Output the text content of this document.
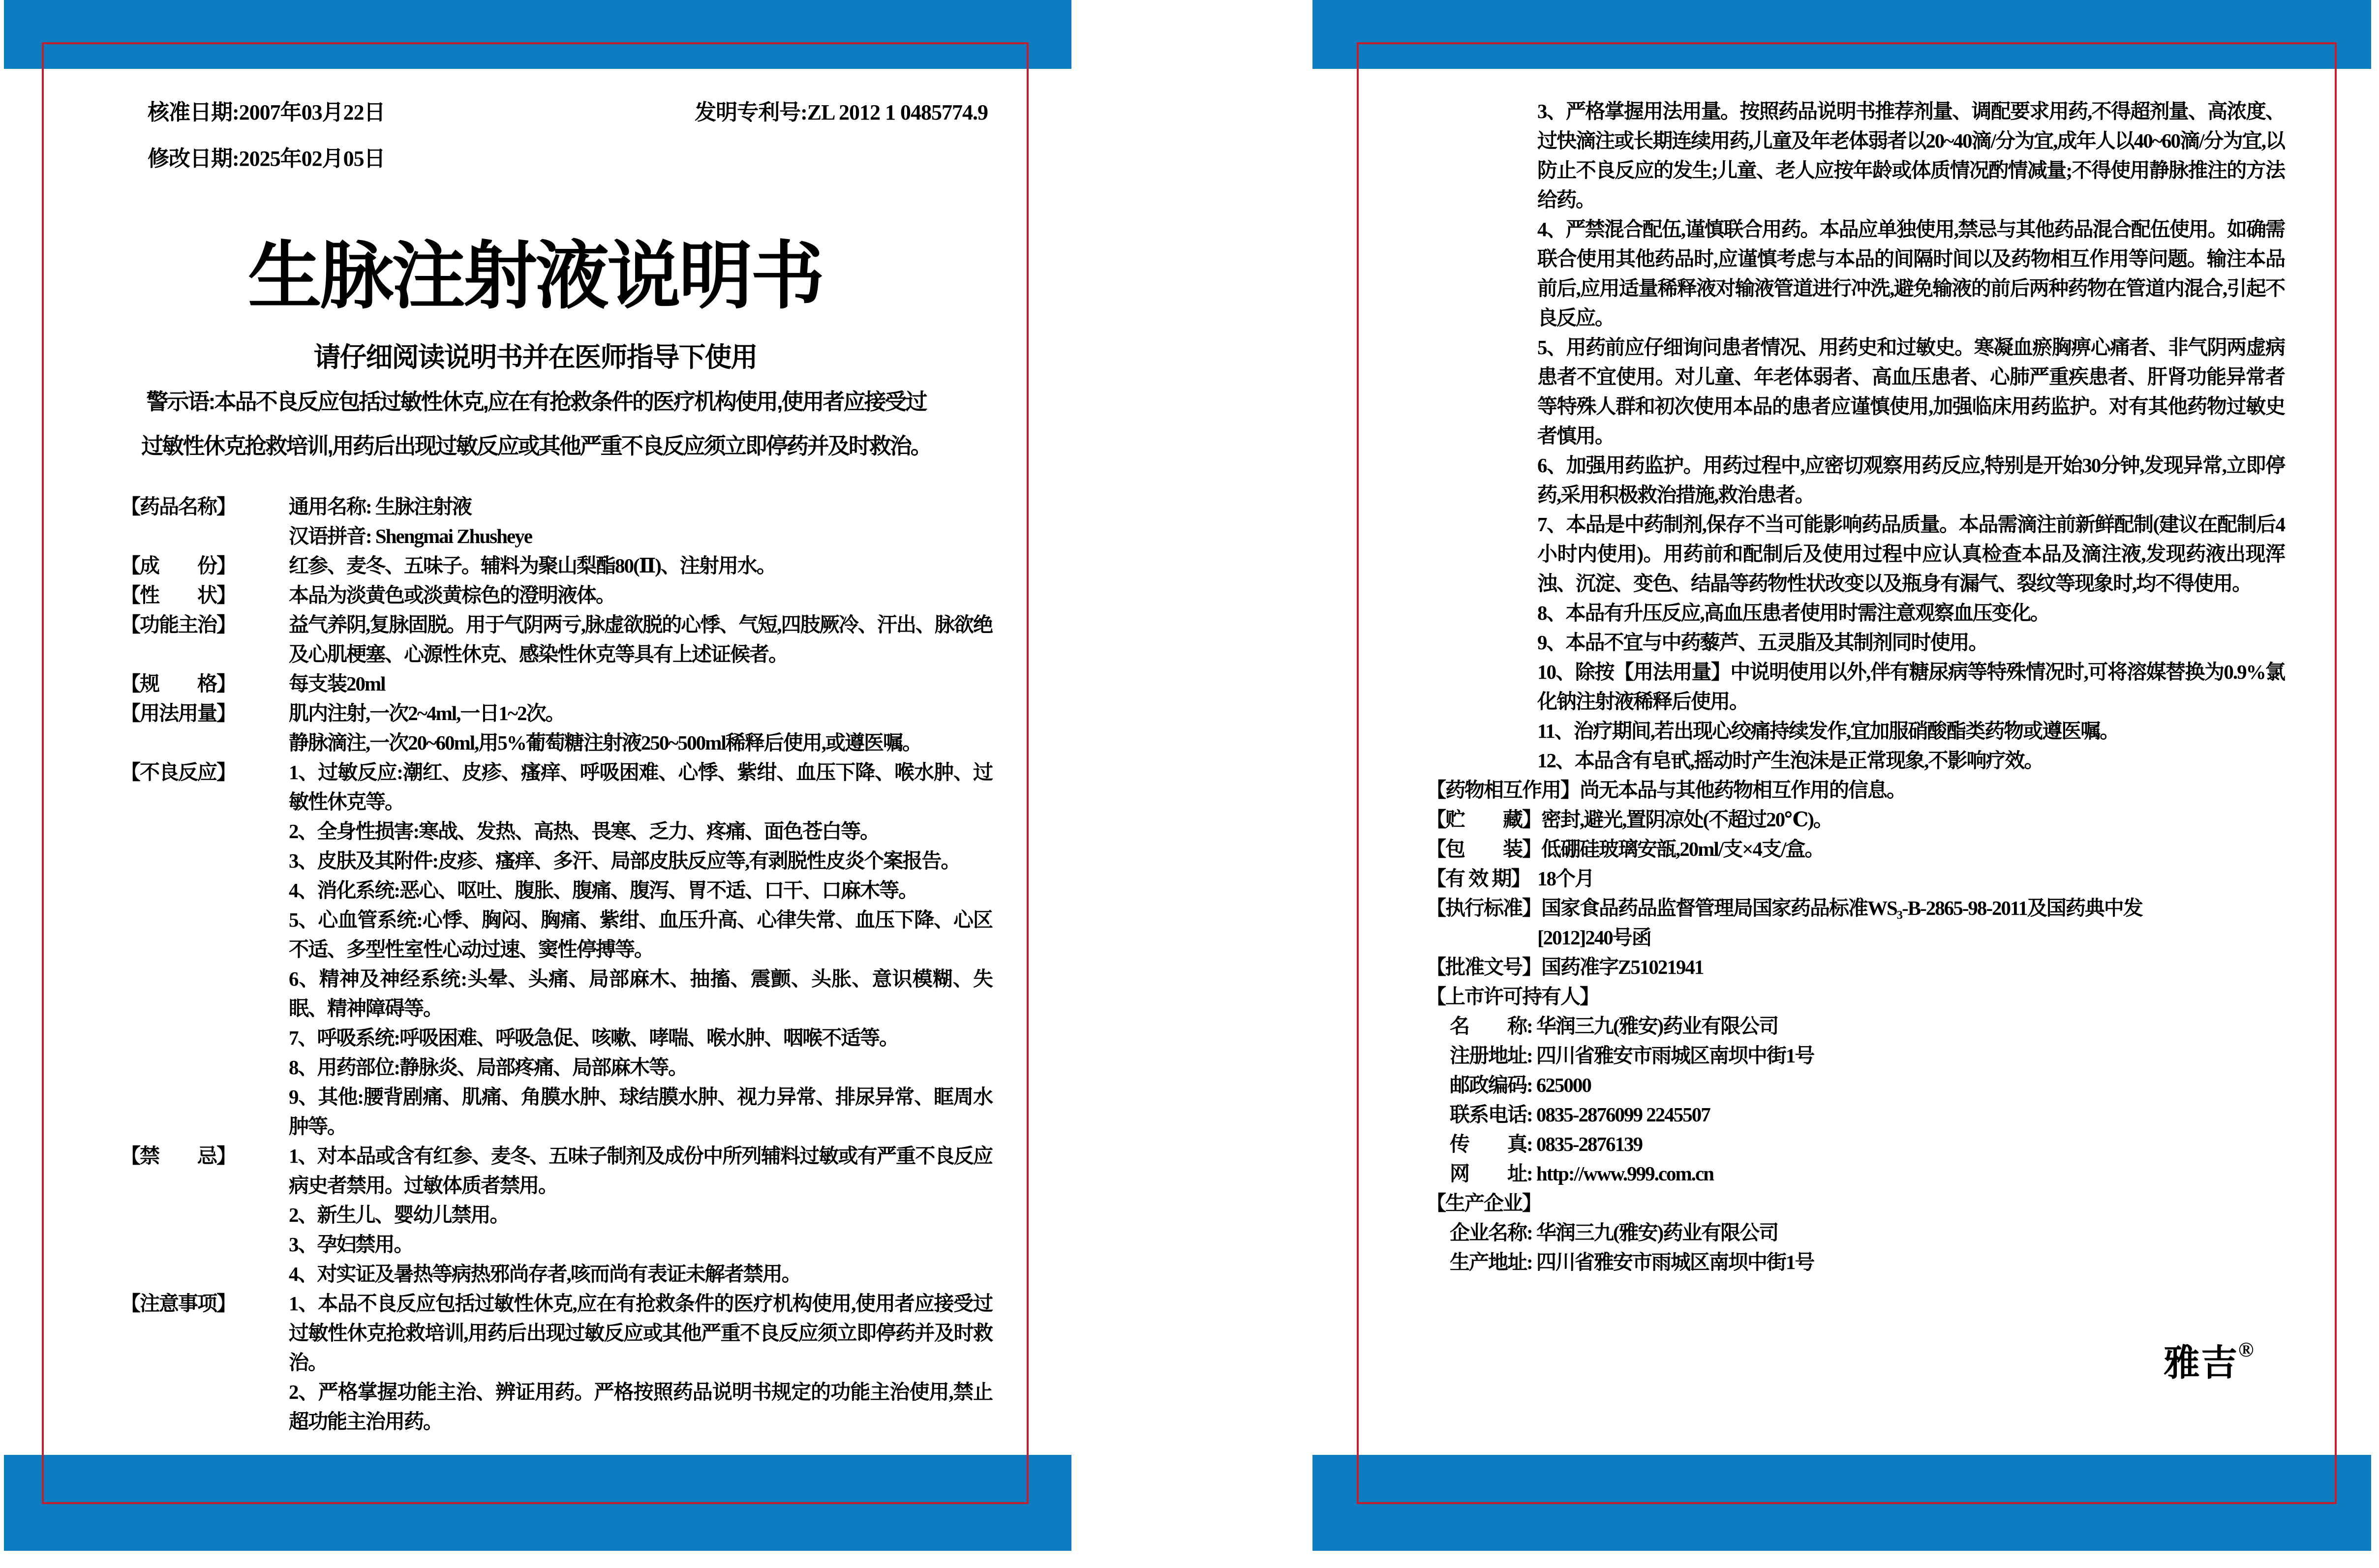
核准日期:2007年03月22日
修改日期:2025年02月05日
发明专利号:ZL 2012 1 0485774.9
生脉注射液说明书
请仔细阅读说明书并在医师指导下使用
警示语:本品不良反应包括过敏性休克,应在有抢救条件的医疗机构使用,使用者应接受过
过敏性休克抢救培训,用药后出现过敏反应或其他严重不良反应须立即停药并及时救治。
【药品名称】	通用名称: 生脉注射液
汉语拼音: Shengmai Zhusheye
【成　　份】	红参、麦冬、五味子。辅料为聚山梨酯80(Ⅱ)、注射用水。
【性　　状】	本品为淡黄色或淡黄棕色的澄明液体。
【功能主治】	益气养阴,复脉固脱。用于气阴两亏,脉虚欲脱的心悸、气短,四肢厥冷、汗出、脉欲绝及心肌梗塞、心源性休克、感染性休克等具有上述证候者。
【规　　格】	每支装20ml
【用法用量】	肌内注射,一次2~4ml,一日1~2次。
静脉滴注,一次20~60ml,用5%葡萄糖注射液250~500ml稀释后使用,或遵医嘱。
【不良反应】	1、过敏反应:潮红、皮疹、瘙痒、呼吸困难、心悸、紫绀、血压下降、喉水肿、过敏性休克等。
2、全身性损害:寒战、发热、高热、畏寒、乏力、疼痛、面色苍白等。
3、皮肤及其附件:皮疹、瘙痒、多汗、局部皮肤反应等,有剥脱性皮炎个案报告。
4、消化系统:恶心、呕吐、腹胀、腹痛、腹泻、胃不适、口干、口麻木等。
5、心血管系统:心悸、胸闷、胸痛、紫绀、血压升高、心律失常、血压下降、心区不适、多型性室性心动过速、窦性停搏等。
6、精神及神经系统:头晕、头痛、局部麻木、抽搐、震颤、头胀、意识模糊、失眠、精神障碍等。
7、呼吸系统:呼吸困难、呼吸急促、咳嗽、哮喘、喉水肿、咽喉不适等。
8、用药部位:静脉炎、局部疼痛、局部麻木等。
9、其他:腰背剧痛、肌痛、角膜水肿、球结膜水肿、视力异常、排尿异常、眶周水肿等。
【禁　　忌】	1、对本品或含有红参、麦冬、五味子制剂及成份中所列辅料过敏或有严重不良反应病史者禁用。过敏体质者禁用。
2、新生儿、婴幼儿禁用。
3、孕妇禁用。
4、对实证及暑热等病热邪尚存者,咳而尚有表证未解者禁用。
【注意事项】	1、本品不良反应包括过敏性休克,应在有抢救条件的医疗机构使用,使用者应接受过过敏性休克抢救培训,用药后出现过敏反应或其他严重不良反应须立即停药并及时救治。
2、严格掌握功能主治、辨证用药。严格按照药品说明书规定的功能主治使用,禁止超功能主治用药。
3、严格掌握用法用量。按照药品说明书推荐剂量、调配要求用药,不得超剂量、高浓度、过快滴注或长期连续用药,儿童及年老体弱者以20~40滴/分为宜,成年人以40~60滴/分为宜,以防止不良反应的发生;儿童、老人应按年龄或体质情况酌情减量;不得使用静脉推注的方法给药。
4、严禁混合配伍,谨慎联合用药。本品应单独使用,禁忌与其他药品混合配伍使用。如确需联合使用其他药品时,应谨慎考虑与本品的间隔时间以及药物相互作用等问题。输注本品前后,应用适量稀释液对输液管道进行冲洗,避免输液的前后两种药物在管道内混合,引起不良反应。
5、用药前应仔细询问患者情况、用药史和过敏史。寒凝血瘀胸痹心痛者、非气阴两虚病患者不宜使用。对儿童、年老体弱者、高血压患者、心肺严重疾患者、肝肾功能异常者等特殊人群和初次使用本品的患者应谨慎使用,加强临床用药监护。对有其他药物过敏史者慎用。
6、加强用药监护。用药过程中,应密切观察用药反应,特别是开始30分钟,发现异常,立即停药,采用积极救治措施,救治患者。
7、本品是中药制剂,保存不当可能影响药品质量。本品需滴注前新鲜配制(建议在配制后4小时内使用)。用药前和配制后及使用过程中应认真检查本品及滴注液,发现药液出现浑浊、沉淀、变色、结晶等药物性状改变以及瓶身有漏气、裂纹等现象时,均不得使用。
8、本品有升压反应,高血压患者使用时需注意观察血压变化。
9、本品不宜与中药藜芦、五灵脂及其制剂同时使用。
10、除按【用法用量】中说明使用以外,伴有糖尿病等特殊情况时,可将溶媒替换为0.9%氯化钠注射液稀释后使用。
11、治疗期间,若出现心绞痛持续发作,宜加服硝酸酯类药物或遵医嘱。
12、本品含有皂甙,摇动时产生泡沫是正常现象,不影响疗效。
【药物相互作用】 尚无本品与其他药物相互作用的信息。
【贮　　藏】 密封,避光,置阴凉处(不超过20℃)。
【包　　装】 低硼硅玻璃安瓿,20ml/支×4支/盒。
【有 效 期】 18个月
【执行标准】 国家食品药品监督管理局国家药品标准WS₃-B-2865-98-2011及国药典中发
[2012]240号函
【批准文号】 国药准字Z51021941
【上市许可持有人】
名　　称: 华润三九(雅安)药业有限公司
注册地址: 四川省雅安市雨城区南坝中街1号
邮政编码: 625000
联系电话: 0835-2876099 2245507
传　　真: 0835-2876139
网　　址: http://www.999.com.cn
【生产企业】
企业名称: 华润三九(雅安)药业有限公司
生产地址: 四川省雅安市雨城区南坝中街1号
雅吉®
